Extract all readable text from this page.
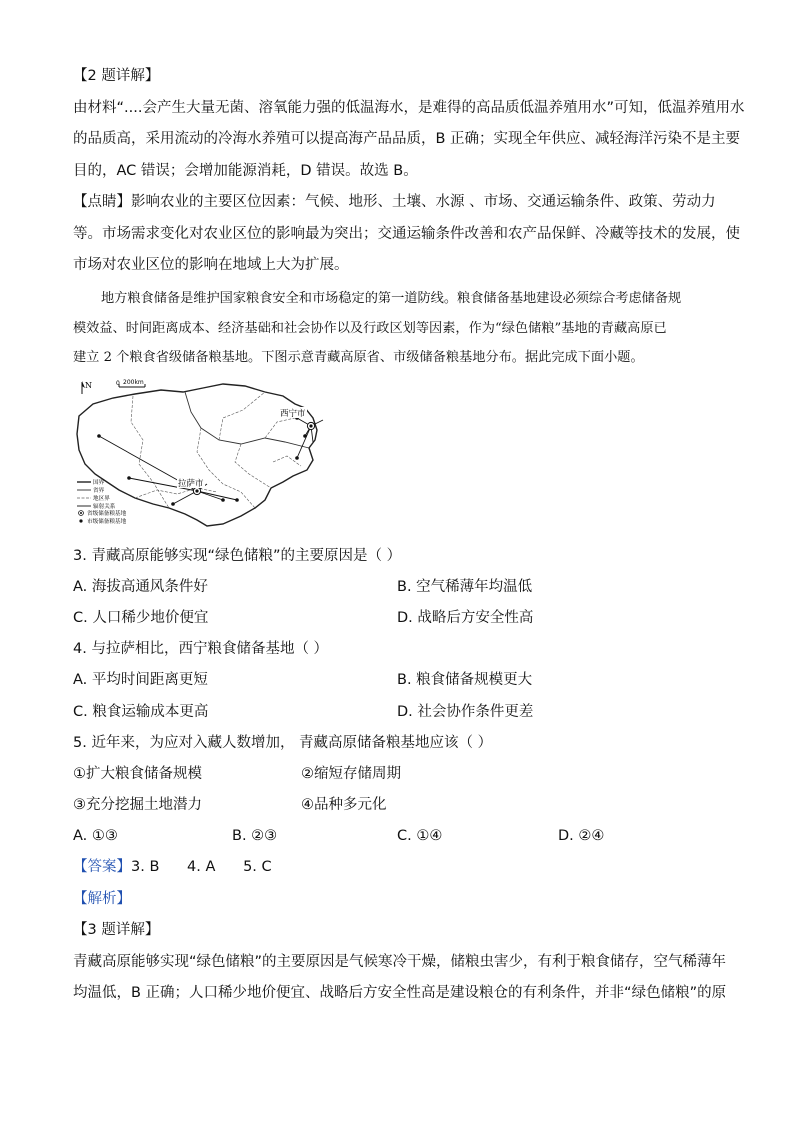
【2 题详解】
由材料“....会产生大量无菌、溶氧能力强的低温海水，是难得的高品质低温养殖用水”可知，低温养殖用水
的品质高，采用流动的冷海水养殖可以提高海产品品质，B 正确；实现全年供应、减轻海洋污染不是主要
目的，AC 错误；会增加能源消耗，D 错误。故选 B。
【点睛】影响农业的主要区位因素：气候、地形、土壤、水源 、市场、交通运输条件、政策、劳动力
等。市场需求变化对农业区位的影响最为突出；交通运输条件改善和农产品保鲜、冷藏等技术的发展，使
市场对农业区位的影响在地域上大为扩展。
地方粮食储备是维护国家粮食安全和市场稳定的第一道防线。粮食储备基地建设必须综合考虑储备规
模效益、时间距离成本、经济基础和社会协作以及行政区划等因素，作为“绿色储粮”基地的青藏高原已
建立 2 个粮食省级储备粮基地。下图示意青藏高原省、市级储备粮基地分布。据此完成下面小题。
西宁市
拉萨市
N	200km
0
国界
省界
地区界
辐射关系
省级储备粮基地
市级储备粮基地
3. 青藏高原能够实现“绿色储粮”的主要原因是（ ）
A. 海拔高通风条件好	B. 空气稀薄年均温低
C. 人口稀少地价便宜	D. 战略后方安全性高
4. 与拉萨相比，西宁粮食储备基地（ ）
A. 平均时间距离更短	B. 粮食储备规模更大
C. 粮食运输成本更高	D. 社会协作条件更差
5. 近年来，为应对入藏人数增加， 青藏高原储备粮基地应该（ ）
①扩大粮食储备规模	②缩短存储周期
③充分挖掘土地潜力	④品种多元化
A. ①③	B. ②③	C. ①④	D. ②④
【答案】3. B      4. A      5. C
【解析】
【3 题详解】
青藏高原能够实现“绿色储粮”的主要原因是气候寒冷干燥，储粮虫害少，有利于粮食储存，空气稀薄年
均温低，B 正确；人口稀少地价便宜、战略后方安全性高是建设粮仓的有利条件，并非“绿色储粮”的原
